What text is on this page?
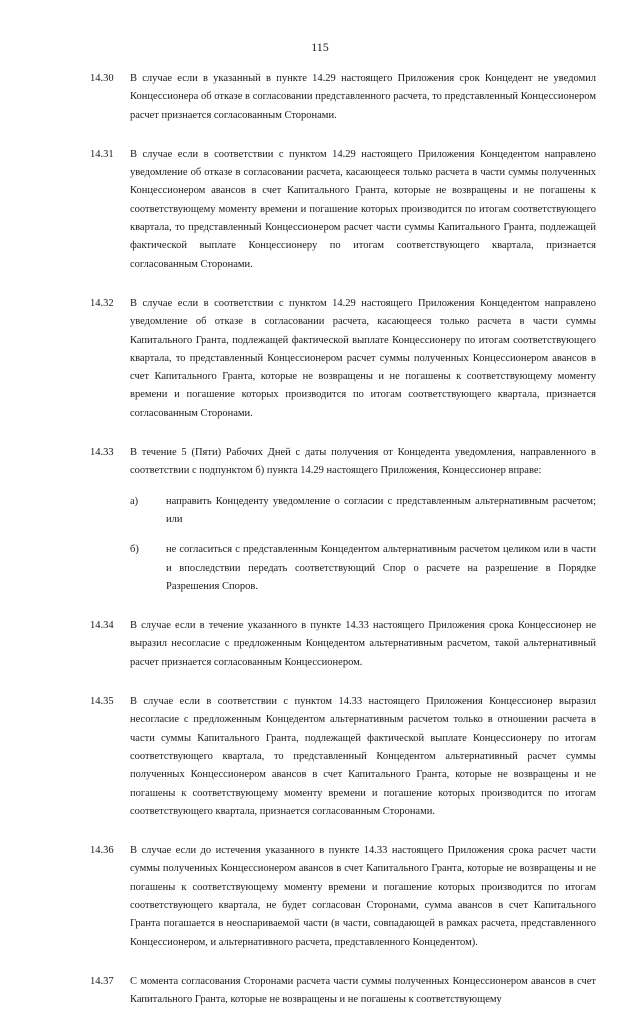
115
14.30	В случае если в указанный в пункте 14.29 настоящего Приложения срок Концедент не уведомил Концессионера об отказе в согласовании представленного расчета, то представленный Концессионером расчет признается согласованным Сторонами.

14.31	В случае если в соответствии с пунктом 14.29 настоящего Приложения Концедентом направлено уведомление об отказе в согласовании расчета, касающееся только расчета в части суммы полученных Концессионером авансов в счет Капитального Гранта, которые не возвращены и не погашены к соответствующему моменту времени и погашение которых производится по итогам соответствующего квартала, то представленный Концессионером расчет части суммы Капитального Гранта, подлежащей фактической выплате Концессионеру по итогам соответствующего квартала, признается согласованным Сторонами.

14.32	В случае если в соответствии с пунктом 14.29 настоящего Приложения Концедентом направлено уведомление об отказе в согласовании расчета, касающееся только расчета в части суммы Капитального Гранта, подлежащей фактической выплате Концессионеру по итогам соответствующего квартала, то представленный Концессионером расчет суммы полученных Концессионером авансов в счет Капитального Гранта, которые не возвращены и не погашены к соответствующему моменту времени и погашение которых производится по итогам соответствующего квартала, признается согласованным Сторонами.

14.33	В течение 5 (Пяти) Рабочих Дней с даты получения от Концедента уведомления, направленного в соответствии с подпунктом б) пункта 14.29 настоящего Приложения, Концессионер вправе:

а)	направить Концеденту уведомление о согласии с представленным альтернативным расчетом; или

б)	не согласиться с представленным Концедентом альтернативным расчетом целиком или в части и впоследствии передать соответствующий Спор о расчете на разрешение в Порядке Разрешения Споров.

14.34	В случае если в течение указанного в пункте 14.33 настоящего Приложения срока Концессионер не выразил несогласие с предложенным Концедентом альтернативным расчетом, такой альтернативный расчет признается согласованным Концессионером.

14.35	В случае если в соответствии с пунктом 14.33 настоящего Приложения Концессионер выразил несогласие с предложенным Концедентом альтернативным расчетом только в отношении расчета в части суммы Капитального Гранта, подлежащей фактической выплате Концессионеру по итогам соответствующего квартала, то представленный Концедентом альтернативный расчет суммы полученных Концессионером авансов в счет Капитального Гранта, которые не возвращены и не погашены к соответствующему моменту времени и погашение которых производится по итогам соответствующего квартала, признается согласованным Сторонами.

14.36	В случае если до истечения указанного в пункте 14.33 настоящего Приложения срока расчет части суммы полученных Концессионером авансов в счет Капитального Гранта, которые не возвращены и не погашены к соответствующему моменту времени и погашение которых производится по итогам соответствующего квартала, не будет согласован Сторонами, сумма авансов в счет Капитального Гранта погашается в неоспариваемой части (в части, совпадающей в рамках расчета, представленного Концессионером, и альтернативного расчета, представленного Концедентом).

14.37	С момента согласования Сторонами расчета части суммы полученных Концессионером авансов в счет Капитального Гранта, которые не возвращены и не погашены к соответствующему
